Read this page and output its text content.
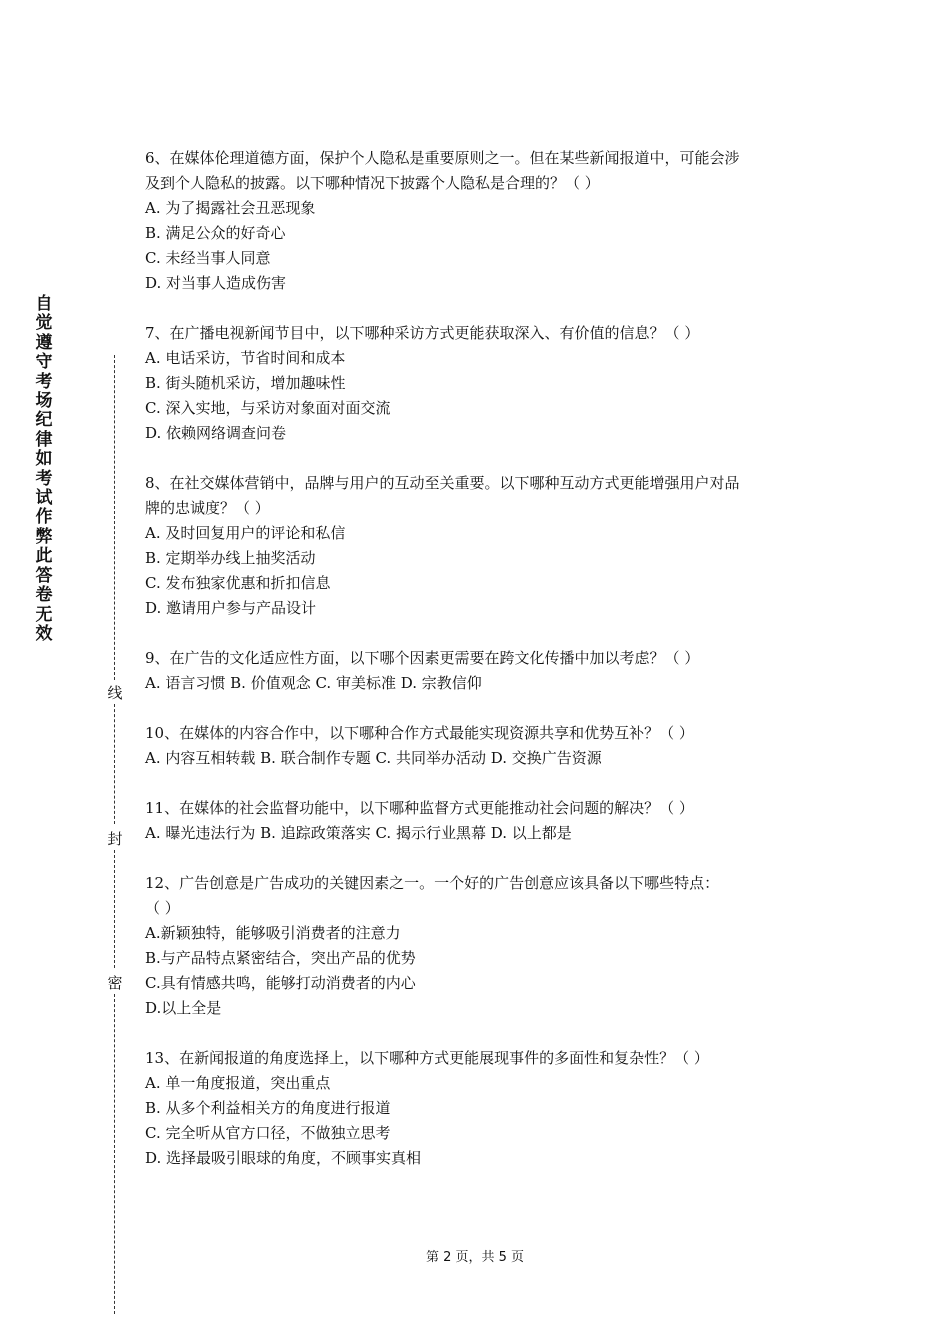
自
觉
遵
守
考
场
纪
律
如
考
试
作
弊
此
答
卷
无
效
线
封
密
6、在媒体伦理道德方面，保护个人隐私是重要原则之一。但在某些新闻报道中，可能会涉
及到个人隐私的披露。以下哪种情况下披露个人隐私是合理的？（ ）
A. 为了揭露社会丑恶现象
B. 满足公众的好奇心
C. 未经当事人同意
D. 对当事人造成伤害
7、在广播电视新闻节目中，以下哪种采访方式更能获取深入、有价值的信息？（ ）
A. 电话采访，节省时间和成本
B. 街头随机采访，增加趣味性
C. 深入实地，与采访对象面对面交流
D. 依赖网络调查问卷
8、在社交媒体营销中，品牌与用户的互动至关重要。以下哪种互动方式更能增强用户对品
牌的忠诚度？（ ）
A. 及时回复用户的评论和私信
B. 定期举办线上抽奖活动
C. 发布独家优惠和折扣信息
D. 邀请用户参与产品设计
9、在广告的文化适应性方面，以下哪个因素更需要在跨文化传播中加以考虑？（ ）
A. 语言习惯 B. 价值观念 C. 审美标准 D. 宗教信仰
10、在媒体的内容合作中，以下哪种合作方式最能实现资源共享和优势互补？（ ）
A. 内容互相转载 B. 联合制作专题 C. 共同举办活动 D. 交换广告资源
11、在媒体的社会监督功能中，以下哪种监督方式更能推动社会问题的解决？（ ）
A. 曝光违法行为 B. 追踪政策落实 C. 揭示行业黑幕 D. 以上都是
12、广告创意是广告成功的关键因素之一。一个好的广告创意应该具备以下哪些特点：
（ ）
A.新颖独特，能够吸引消费者的注意力
B.与产品特点紧密结合，突出产品的优势
C.具有情感共鸣，能够打动消费者的内心
D.以上全是
13、在新闻报道的角度选择上，以下哪种方式更能展现事件的多面性和复杂性？（ ）
A. 单一角度报道，突出重点
B. 从多个利益相关方的角度进行报道
C. 完全听从官方口径，不做独立思考
D. 选择最吸引眼球的角度，不顾事实真相
第 2 页，共 5 页
